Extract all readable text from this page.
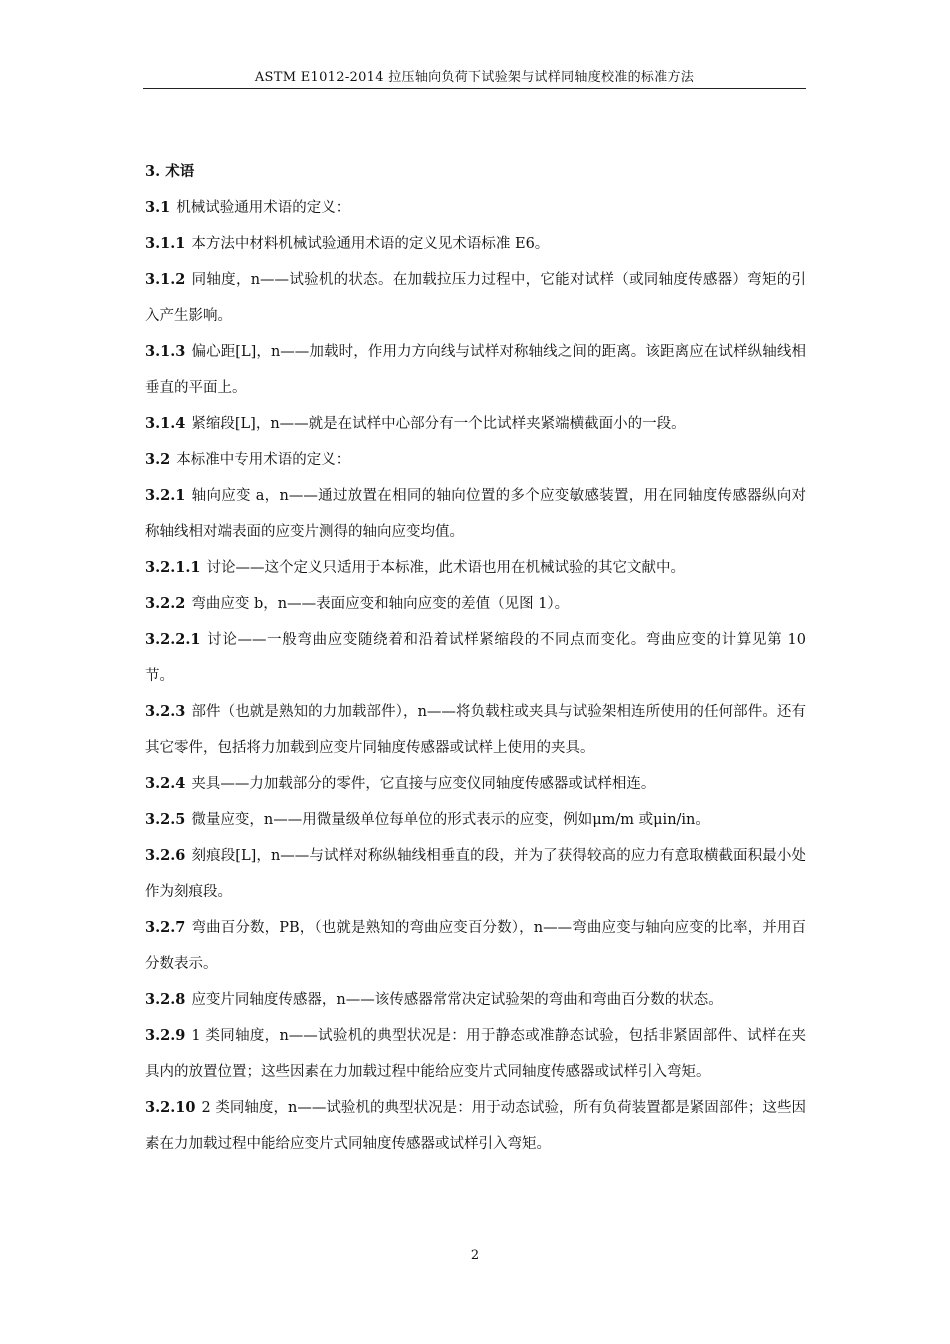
ASTM E1012-2014 拉压轴向负荷下试验架与试样同轴度校准的标准方法

3. 术语

3.1 机械试验通用术语的定义：

3.1.1 本方法中材料机械试验通用术语的定义见术语标准 E6。

3.1.2 同轴度，n——试验机的状态。在加载拉压力过程中，它能对试样（或同轴度传感器）弯矩的引入产生影响。

3.1.3 偏心距[L]，n——加载时，作用力方向线与试样对称轴线之间的距离。该距离应在试样纵轴线相垂直的平面上。

3.1.4 紧缩段[L]，n——就是在试样中心部分有一个比试样夹紧端横截面小的一段。

3.2 本标准中专用术语的定义：

3.2.1 轴向应变 a，n——通过放置在相同的轴向位置的多个应变敏感装置，用在同轴度传感器纵向对称轴线相对端表面的应变片测得的轴向应变均值。

3.2.1.1 讨论——这个定义只适用于本标准，此术语也用在机械试验的其它文献中。

3.2.2 弯曲应变 b，n——表面应变和轴向应变的差值（见图 1）。

3.2.2.1 讨论——一般弯曲应变随绕着和沿着试样紧缩段的不同点而变化。弯曲应变的计算见第 10 节。

3.2.3 部件（也就是熟知的力加载部件），n——将负载柱或夹具与试验架相连所使用的任何部件。还有其它零件，包括将力加载到应变片同轴度传感器或试样上使用的夹具。

3.2.4 夹具——力加载部分的零件，它直接与应变仪同轴度传感器或试样相连。

3.2.5 微量应变，n——用微量级单位每单位的形式表示的应变，例如μm/m 或μin/in。

3.2.6 刻痕段[L]，n——与试样对称纵轴线相垂直的段，并为了获得较高的应力有意取横截面积最小处作为刻痕段。

3.2.7 弯曲百分数，PB，（也就是熟知的弯曲应变百分数），n——弯曲应变与轴向应变的比率，并用百分数表示。

3.2.8 应变片同轴度传感器，n——该传感器常常决定试验架的弯曲和弯曲百分数的状态。

3.2.9 1 类同轴度，n——试验机的典型状况是：用于静态或准静态试验，包括非紧固部件、试样在夹具内的放置位置；这些因素在力加载过程中能给应变片式同轴度传感器或试样引入弯矩。

3.2.10 2 类同轴度，n——试验机的典型状况是：用于动态试验，所有负荷装置都是紧固部件；这些因素在力加载过程中能给应变片式同轴度传感器或试样引入弯矩。

2
